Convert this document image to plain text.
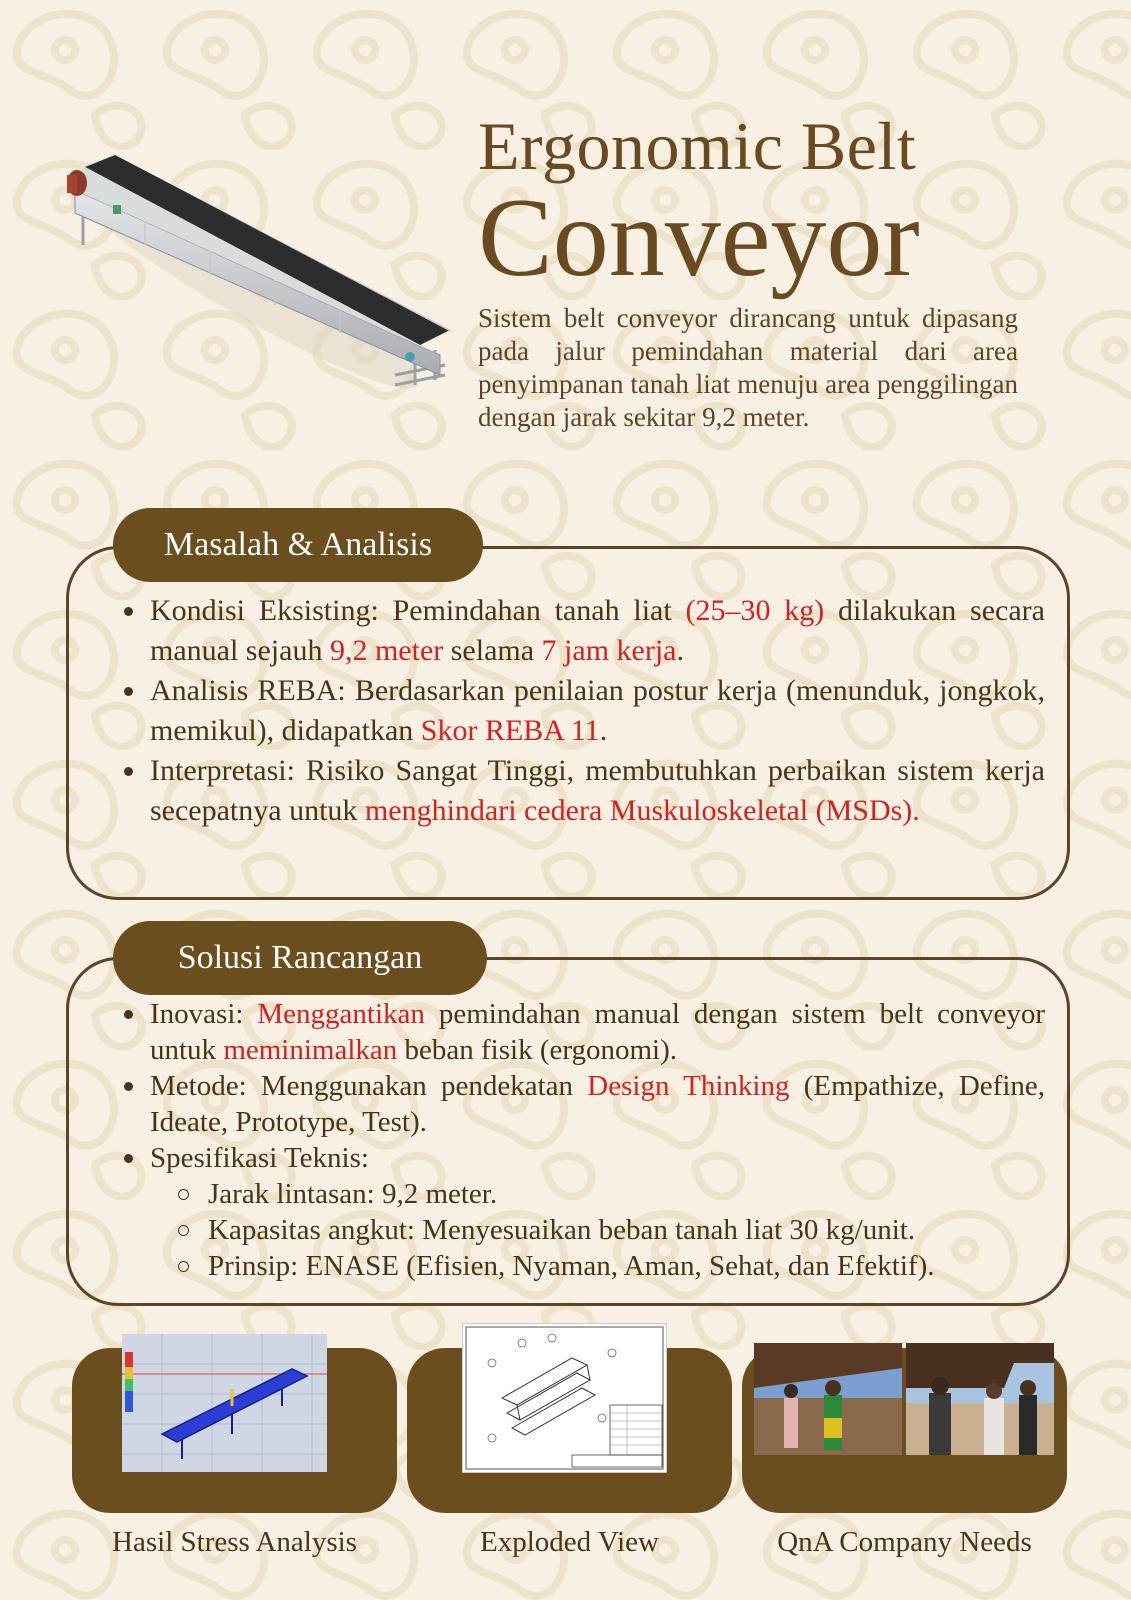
Ergonomic Belt
Conveyor
Sistem belt conveyor dirancang untuk dipasang pada jalur pemindahan material dari area penyimpanan tanah liat menuju area penggilingan dengan jarak sekitar 9,2 meter.
Masalah & Analisis
Kondisi Eksisting: Pemindahan tanah liat (25–30 kg) dilakukan secara manual sejauh 9,2 meter selama 7 jam kerja.
Analisis REBA: Berdasarkan penilaian postur kerja (menunduk, jongkok, memikul), didapatkan Skor REBA 11.
Interpretasi: Risiko Sangat Tinggi, membutuhkan perbaikan sistem kerja secepatnya untuk menghindari cedera Muskuloskeletal (MSDs).
Solusi Rancangan
Inovasi: Menggantikan pemindahan manual dengan sistem belt conveyor untuk meminimalkan beban fisik (ergonomi).
Metode: Menggunakan pendekatan Design Thinking (Empathize, Define, Ideate, Prototype, Test).
Spesifikasi Teknis:
Jarak lintasan: 9,2 meter.
Kapasitas angkut: Menyesuaikan beban tanah liat 30 kg/unit.
Prinsip: ENASE (Efisien, Nyaman, Aman, Sehat, dan Efektif).
Hasil Stress Analysis	Exploded View	QnA Company Needs
